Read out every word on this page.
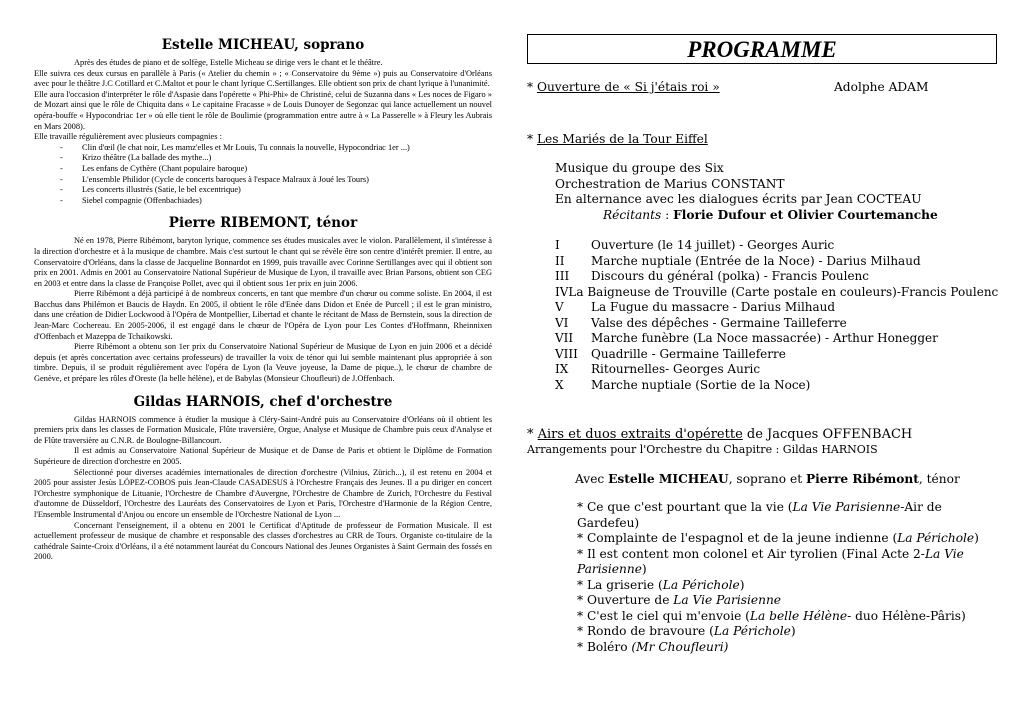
Estelle MICHEAU, soprano

Après des études de piano et de solfège, Estelle Micheau se dirige vers le chant et le théâtre.

Elle suivra ces deux cursus en parallèle à Paris (« Atelier du chemin » ; « Conservatoire du 9ème ») puis au Conservatoire d'Orléans avec pour le théâtre J.C Cotillard et C.Maltot et pour le chant lyrique C.Sertillanges. Elle obtient son prix de chant lyrique à l'unanimité.

Elle aura l'occasion d'interpréter le rôle d'Aspasie dans l'opérette « Phi-Phi» de Christiné, celui de Suzanna dans « Les noces de Figaro » de Mozart ainsi que le rôle de Chiquita dans « Le capitaine Fracasse » de Louis Dunoyer de Segonzac qui lance actuellement un nouvel opéra-bouffe « Hypocondriac 1er » où elle tient le rôle de Boulimie (programmation entre autre à « La Passerelle » à Fleury les Aubrais en Mars 2008).

Elle travaille régulièrement avec plusieurs compagnies :

- Clin d'œil (le chat noir, Les mamz'elles et Mr Louis, Tu connais la nouvelle, Hypocondriac 1er ...)
- Krizo théâtre (La ballade des mythe...)
- Les enfans de Cythère (Chant populaire baroque)
- L'ensemble Philidor (Cycle de concerts baroques à l'espace Malraux à Joué les Tours)
- Les concerts illustrés (Satie, le bel excentrique)
- Siebel compagnie (Offenbachiades)
Pierre RIBEMONT, ténor

Né en 1978, Pierre Ribémont, baryton lyrique, commence ses études musicales avec le violon. Parallèlement, il s'intéresse à la direction d'orchestre et à la musique de chambre. Mais c'est surtout le chant qui se révèle être son centre d'intérêt premier. Il entre, au Conservatoire d'Orléans, dans la classe de Jacqueline Bonnardot en 1999, puis travaille avec Corinne Sertillanges avec qui il obtient son prix en 2001. Admis en 2001 au Conservatoire National Supérieur de Musique de Lyon, il travaille avec Brian Parsons, obtient son CEG en 2003 et entre dans la classe de Françoise Pollet, avec qui il obtient sous 1er prix en juin 2006.

Pierre Ribémont a déjà participé à de nombreux concerts, en tant que membre d'un chœur ou comme soliste. En 2004, il est Bacchus dans Philémon et Baucis de Haydn. En 2005, il obtient le rôle d'Enée dans Didon et Enée de Purcell ; il est le gran ministro, dans une création de Didier Lockwood à l'Opéra de Montpellier, Libertad et chante le récitant de Mass de Bernstein, sous la direction de Jean-Marc Cochereau. En 2005-2006, il est engagé dans le chœur de l'Opéra de Lyon pour Les Contes d'Hoffmann, Rheinnixen d'Offenbach et Mazeppa de Tchaikowski.

Pierre Ribémont a obtenu son 1er prix du Conservatoire National Supérieur de Musique de Lyon en juin 2006 et a décidé depuis (et après concertation avec certains professeurs) de travailler la voix de ténor qui lui semble maintenant plus appropriée à son timbre. Depuis, il se produit régulièrement avec l'opéra de Lyon (la Veuve joyeuse, la Dame de pique..), le chœur de chambre de Genève, et prépare les rôles d'Oreste (la belle hélène), et de Babylas (Monsieur Choufleuri) de J.Offenbach.

Gildas HARNOIS, chef d'orchestre

Gildas HARNOIS commence à étudier la musique à Cléry-Saint-André puis au Conservatoire d'Orléans où il obtient les premiers prix dans les classes de Formation Musicale, Flûte traversière, Orgue, Analyse et Musique de Chambre puis ceux d'Analyse et de Flûte traversière au C.N.R. de Boulogne-Billancourt.

Il est admis au Conservatoire National Supérieur de Musique et de Danse de Paris et obtient le Diplôme de Formation Supérieure de direction d'orchestre en 2005.

Sélectionné pour diverses académies internationales de direction d'orchestre (Vilnius, Zürich...), il est retenu en 2004 et 2005 pour assister Jesùs LÓPEZ-COBOS puis Jean-Claude CASADESUS à l'Orchestre Français des Jeunes. Il a pu diriger en concert l'Orchestre symphonique de Lituanie, l'Orchestre de Chambre d'Auvergne, l'Orchestre de Chambre de Zurich, l'Orchestre du Festival d'automne de Düsseldorf, l'Orchestre des Lauréats des Conservatoires de Lyon et Paris, l'Orchestre d'Harmonie de la Région Centre, l'Ensemble Instrumental d'Anjou ou encore un ensemble de l'Orchestre National de Lyon ...

Concernant l'enseignement, il a obtenu en 2001 le Certificat d'Aptitude de professeur de Formation Musicale. Il est actuellement professeur de musique de chambre et responsable des classes d'orchestres au CRR de Tours. Organiste co-titulaire de la cathédrale Sainte-Croix d'Orléans, il a été notamment lauréat du Concours National des Jeunes Organistes à Saint Germain des fossés en 2000.

PROGRAMME
* Ouverture de « Si j'étais roi »	Adolphe ADAM
* Les Mariés de la Tour Eiffel
Musique du groupe des Six
Orchestration de Marius CONSTANT
En alternance avec les dialogues écrits par Jean COCTEAU
Récitants : Florie Dufour et Olivier Courtemanche
I	Ouverture (le 14 juillet) - Georges Auric
II	Marche nuptiale (Entrée de la Noce) - Darius Milhaud
III	Discours du général (polka) - Francis Poulenc
IV La Baigneuse de Trouville (Carte postale en couleurs)-Francis Poulenc
V	La Fugue du massacre - Darius Milhaud
VI	Valse des dépêches - Germaine Tailleferre
VII	Marche funèbre (La Noce massacrée) - Arthur Honegger
VIII	Quadrille - Germaine Tailleferre
IX	Ritournelles- Georges Auric
X	Marche nuptiale (Sortie de la Noce)
* Airs et duos extraits d'opérette de Jacques OFFENBACH
Arrangements pour l'Orchestre du Chapitre : Gildas HARNOIS
Avec Estelle MICHEAU, soprano et Pierre Ribémont, ténor
* Ce que c'est pourtant que la vie (La Vie Parisienne-Air de Gardefeu)
* Complainte de l'espagnol et de la jeune indienne (La Périchole)
* Il est content mon colonel et Air tyrolien (Final Acte 2-La Vie Parisienne)
* La griserie (La Périchole)
* Ouverture de La Vie Parisienne
* C'est le ciel qui m'envoie (La belle Hélène- duo Hélène-Pâris)
* Rondo de bravoure (La Périchole)
* Boléro (Mr Choufleuri)
